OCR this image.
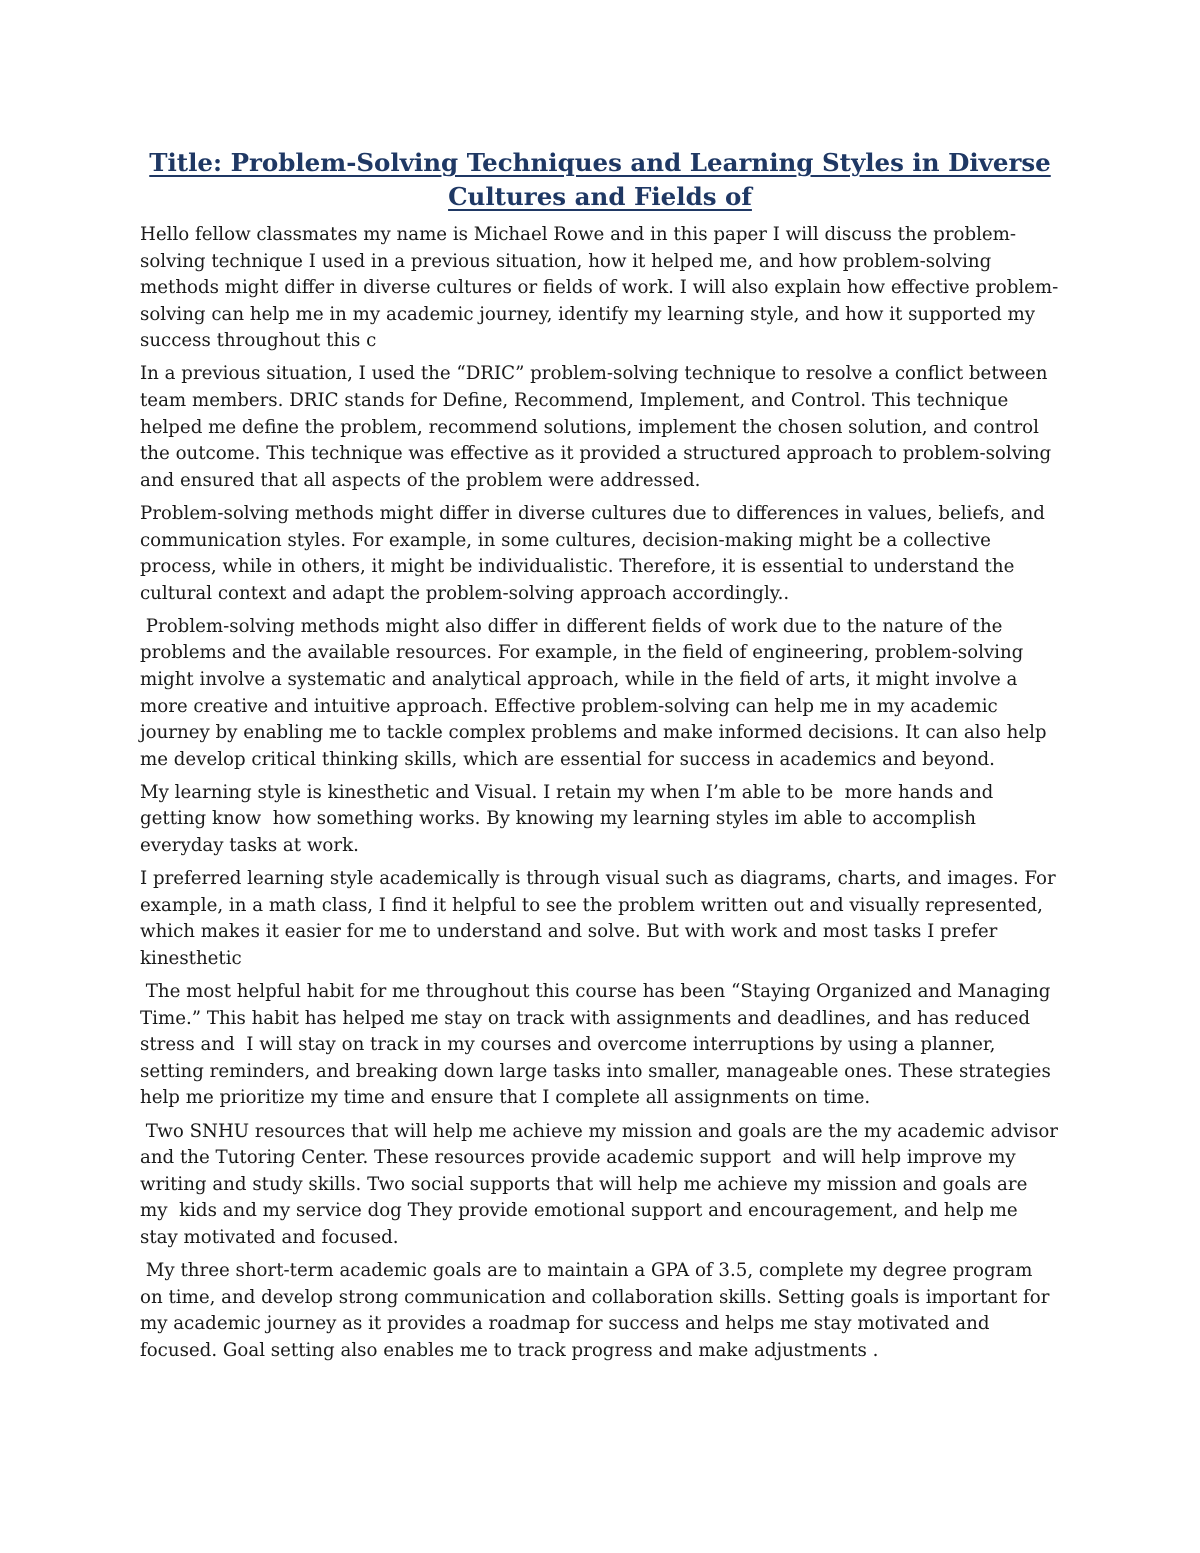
Title: Problem-Solving Techniques and Learning Styles in Diverse Cultures and Fields of

Hello fellow classmates my name is Michael Rowe and in this paper I will discuss the problem-solving technique I used in a previous situation, how it helped me, and how problem-solving methods might differ in diverse cultures or fields of work. I will also explain how effective problem-solving can help me in my academic journey, identify my learning style, and how it supported my success throughout this c

In a previous situation, I used the “DRIC” problem-solving technique to resolve a conflict between team members. DRIC stands for Define, Recommend, Implement, and Control. This technique helped me define the problem, recommend solutions, implement the chosen solution, and control the outcome. This technique was effective as it provided a structured approach to problem-solving and ensured that all aspects of the problem were addressed.

Problem-solving methods might differ in diverse cultures due to differences in values, beliefs, and communication styles. For example, in some cultures, decision-making might be a collective process, while in others, it might be individualistic. Therefore, it is essential to understand the cultural context and adapt the problem-solving approach accordingly..

Problem-solving methods might also differ in different fields of work due to the nature of the problems and the available resources. For example, in the field of engineering, problem-solving might involve a systematic and analytical approach, while in the field of arts, it might involve a more creative and intuitive approach. Effective problem-solving can help me in my academic journey by enabling me to tackle complex problems and make informed decisions. It can also help me develop critical thinking skills, which are essential for success in academics and beyond.

My learning style is kinesthetic and Visual. I retain my when I’m able to be  more hands and getting know  how something works. By knowing my learning styles im able to accomplish everyday tasks at work.

I preferred learning style academically is through visual such as diagrams, charts, and images. For example, in a math class, I find it helpful to see the problem written out and visually represented, which makes it easier for me to understand and solve. But with work and most tasks I prefer kinesthetic

The most helpful habit for me throughout this course has been “Staying Organized and Managing Time.” This habit has helped me stay on track with assignments and deadlines, and has reduced stress and  I will stay on track in my courses and overcome interruptions by using a planner, setting reminders, and breaking down large tasks into smaller, manageable ones. These strategies help me prioritize my time and ensure that I complete all assignments on time.

Two SNHU resources that will help me achieve my mission and goals are the my academic advisor and the Tutoring Center. These resources provide academic support  and will help improve my writing and study skills. Two social supports that will help me achieve my mission and goals are my  kids and my service dog They provide emotional support and encouragement, and help me stay motivated and focused.

My three short-term academic goals are to maintain a GPA of 3.5, complete my degree program on time, and develop strong communication and collaboration skills. Setting goals is important for my academic journey as it provides a roadmap for success and helps me stay motivated and focused. Goal setting also enables me to track progress and make adjustments .
